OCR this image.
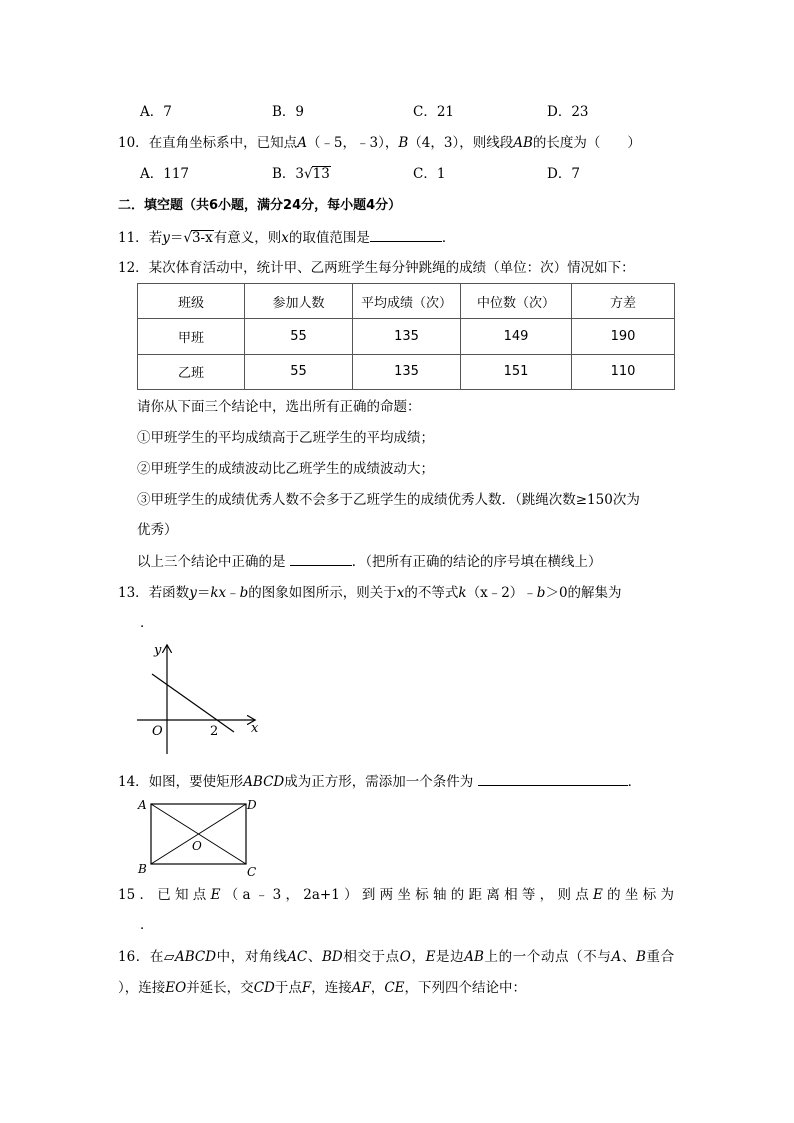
A．7	B．9	C．21	D．23
10．在直角坐标系中，已知点A（﹣5，﹣3），B（4，3），则线段AB的长度为（　　）
A．117	B．3√13	C．1	D．7
二．填空题（共6小题，满分24分，每小题4分）
11．若y＝√3-x有意义，则x的取值范围是	．
12．某次体育活动中，统计甲、乙两班学生每分钟跳绳的成绩（单位：次）情况如下：
班级	参加人数	平均成绩（次）	中位数（次）	方差
甲班	55	135	149	190
乙班	55	135	151	110
请你从下面三个结论中，选出所有正确的命题：
①甲班学生的平均成绩高于乙班学生的平均成绩；
②甲班学生的成绩波动比乙班学生的成绩波动大；
③甲班学生的成绩优秀人数不会多于乙班学生的成绩优秀人数．（跳绳次数≥150次为
优秀）
以上三个结论中正确的是	．（把所有正确的结论的序号填在横线上）
13．若函数y＝kx﹣b的图象如图所示，则关于x的不等式k（x﹣2）﹣b＞0的解集为
．
y
x
O	2
14．如图，要使矩形ABCD成为正方形，需添加一个条件为	．
A	D
B	C
O
15．已知点E（a﹣3，2a+1）到两坐标轴的距离相等，则点E的坐标为
．
16．在▱ABCD中，对角线AC、BD相交于点O，E是边AB上的一个动点（不与A、B重合
），连接EO并延长，交CD于点F，连接AF，CE，下列四个结论中：
